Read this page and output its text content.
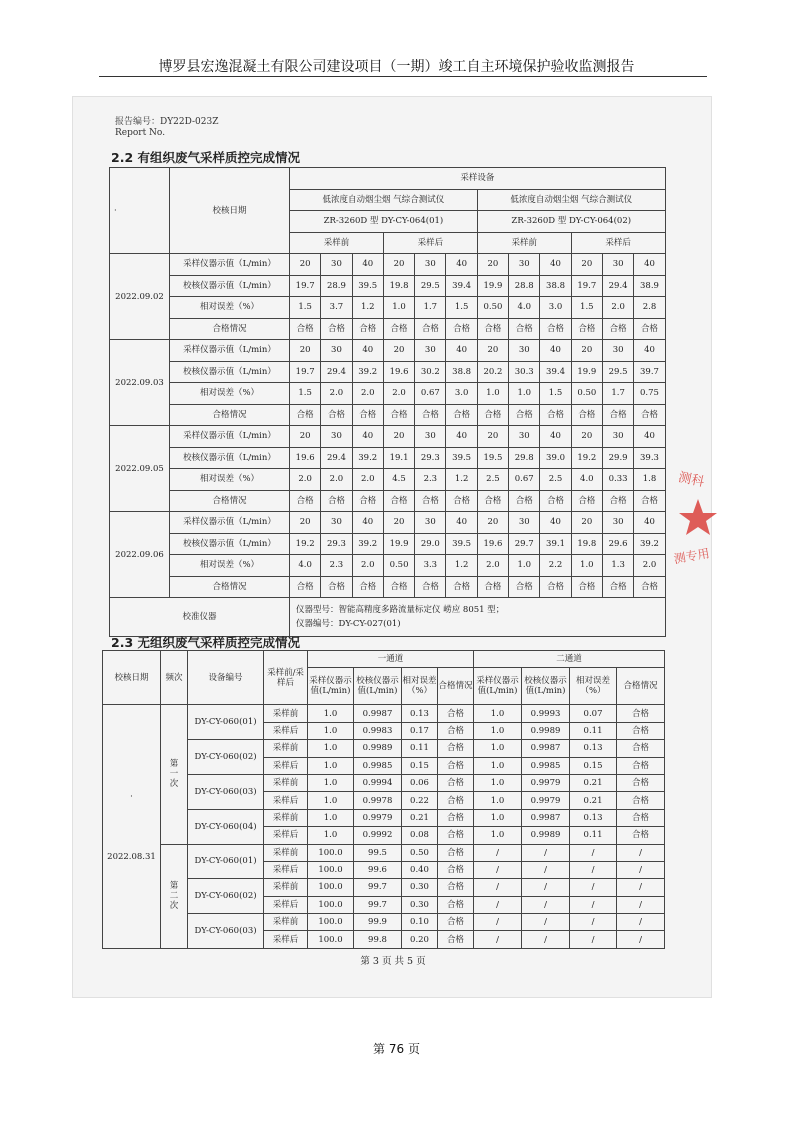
博罗县宏逸混凝土有限公司建设项目（一期）竣工自主环境保护验收监测报告
报告编号：DY22D-023Z
Report No.
2.2 有组织废气采样质控完成情况
·	校核日期	采样设备											
		低浓度自动烟尘烟 气综合测试仪						低浓度自动烟尘烟 气综合测试仪					
		ZR-3260D 型 DY-CY-064(01)						ZR-3260D 型 DY-CY-064(02)					
		采样前			采样后			采样前			采样后		
2022.09.02	采样仪器示值（L/min）	20	30	40	20	30	40	20	30	40	20	30	40
	校核仪器示值（L/min）	19.7	28.9	39.5	19.8	29.5	39.4	19.9	28.8	38.8	19.7	29.4	38.9
	相对误差（%）	1.5	3.7	1.2	1.0	1.7	1.5	0.50	4.0	3.0	1.5	2.0	2.8
	合格情况	合格	合格	合格	合格	合格	合格	合格	合格	合格	合格	合格	合格
2022.09.03	采样仪器示值（L/min）	20	30	40	20	30	40	20	30	40	20	30	40
	校核仪器示值（L/min）	19.7	29.4	39.2	19.6	30.2	38.8	20.2	30.3	39.4	19.9	29.5	39.7
	相对误差（%）	1.5	2.0	2.0	2.0	0.67	3.0	1.0	1.0	1.5	0.50	1.7	0.75
	合格情况	合格	合格	合格	合格	合格	合格	合格	合格	合格	合格	合格	合格
2022.09.05	采样仪器示值（L/min）	20	30	40	20	30	40	20	30	40	20	30	40
	校核仪器示值（L/min）	19.6	29.4	39.2	19.1	29.3	39.5	19.5	29.8	39.0	19.2	29.9	39.3
	相对误差（%）	2.0	2.0	2.0	4.5	2.3	1.2	2.5	0.67	2.5	4.0	0.33	1.8
	合格情况	合格	合格	合格	合格	合格	合格	合格	合格	合格	合格	合格	合格
2022.09.06	采样仪器示值（L/min）	20	30	40	20	30	40	20	30	40	20	30	40
	校核仪器示值（L/min）	19.2	29.3	39.2	19.9	29.0	39.5	19.6	29.7	39.1	19.8	29.6	39.2
	相对误差（%）	4.0	2.3	2.0	0.50	3.3	1.2	2.0	1.0	2.2	1.0	1.3	2.0
	合格情况	合格	合格	合格	合格	合格	合格	合格	合格	合格	合格	合格	合格
校准仪器		仪器型号：智能高精度多路流量标定仪 崂应 8051 型；
仪器编号：DY-CY-027(01)											
2.3 无组织废气采样质控完成情况
校核日期	频次	设备编号	采样前/采样后	一通道				二通道			
				采样仪器示值(L/min)	校核仪器示值(L/min)	相对误差（%）	合格情况	采样仪器示值(L/min)	校核仪器示值(L/min)	相对误差（%）	合格情况

·
2022.08.31	第一次	DY-CY-060(01)	采样前	1.0	0.9987	0.13	合格	1.0	0.9993	0.07	合格
			采样后	1.0	0.9983	0.17	合格	1.0	0.9989	0.11	合格
		DY-CY-060(02)	采样前	1.0	0.9989	0.11	合格	1.0	0.9987	0.13	合格
			采样后	1.0	0.9985	0.15	合格	1.0	0.9985	0.15	合格
		DY-CY-060(03)	采样前	1.0	0.9994	0.06	合格	1.0	0.9979	0.21	合格
			采样后	1.0	0.9978	0.22	合格	1.0	0.9979	0.21	合格
		DY-CY-060(04)	采样前	1.0	0.9979	0.21	合格	1.0	0.9987	0.13	合格
			采样后	1.0	0.9992	0.08	合格	1.0	0.9989	0.11	合格
	第二次	DY-CY-060(01)	采样前	100.0	99.5	0.50	合格	/	/	/	/
			采样后	100.0	99.6	0.40	合格	/	/	/	/
		DY-CY-060(02)	采样前	100.0	99.7	0.30	合格	/	/	/	/
			采样后	100.0	99.7	0.30	合格	/	/	/	/
		DY-CY-060(03)	采样前	100.0	99.9	0.10	合格	/	/	/	/
			采样后	100.0	99.8	0.20	合格	/	/	/	/
第 3 页 共 5 页
测科
测专用
第 76 页
